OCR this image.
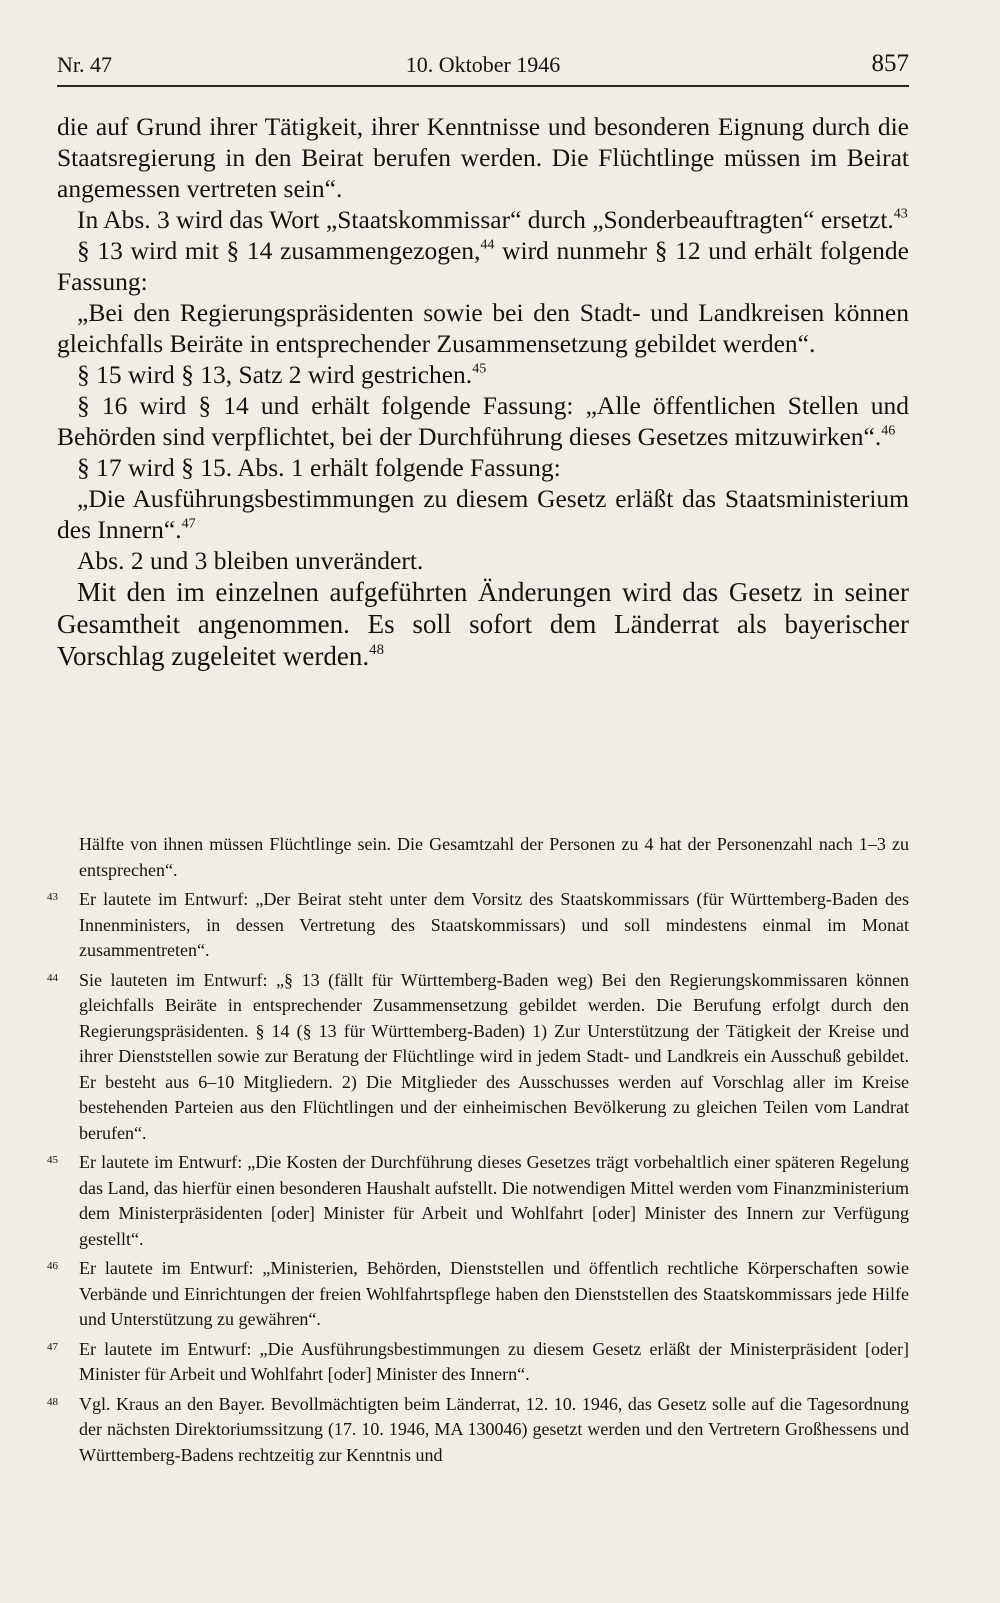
Nr. 47	10. Oktober 1946	857

die auf Grund ihrer Tätigkeit, ihrer Kenntnisse und besonderen Eignung durch die Staatsregierung in den Beirat berufen werden. Die Flüchtlinge müssen im Beirat angemessen vertreten sein“.

In Abs. 3 wird das Wort „Staatskommissar“ durch „Sonderbeauftragten“ ersetzt.$^{43}$

§ 13 wird mit § 14 zusammengezogen,$^{44}$ wird nunmehr § 12 und erhält folgende Fassung:

„Bei den Regierungspräsidenten sowie bei den Stadt- und Landkreisen können gleichfalls Beiräte in entsprechender Zusammensetzung gebildet werden“.

§ 15 wird § 13, Satz 2 wird gestrichen.$^{45}$

§ 16 wird § 14 und erhält folgende Fassung: „Alle öffentlichen Stellen und Behörden sind verpflichtet, bei der Durchführung dieses Gesetzes mitzuwirken“.$^{46}$

§ 17 wird § 15. Abs. 1 erhält folgende Fassung:

„Die Ausführungsbestimmungen zu diesem Gesetz erläßt das Staatsministerium des Innern“.$^{47}$

Abs. 2 und 3 bleiben unverändert.

Mit den im einzelnen aufgeführten Änderungen wird das Gesetz in seiner Gesamtheit angenommen. Es soll sofort dem Länderrat als bayerischer Vorschlag zugeleitet werden.$^{48}$

Hälfte von ihnen müssen Flüchtlinge sein. Die Gesamtzahl der Personen zu 4 hat der Personenzahl nach 1–3 zu entsprechen“.
43 Er lautete im Entwurf: „Der Beirat steht unter dem Vorsitz des Staatskommissars (für Württemberg-Baden des Innenministers, in dessen Vertretung des Staatskommissars) und soll mindestens einmal im Monat zusammentreten“.
44 Sie lauteten im Entwurf: „§ 13 (fällt für Württemberg-Baden weg) Bei den Regierungskommissaren können gleichfalls Beiräte in entsprechender Zusammensetzung gebildet werden. Die Berufung erfolgt durch den Regierungspräsidenten. § 14 (§ 13 für Württemberg-Baden) 1) Zur Unterstützung der Tätigkeit der Kreise und ihrer Dienststellen sowie zur Beratung der Flüchtlinge wird in jedem Stadt- und Landkreis ein Ausschuß gebildet. Er besteht aus 6–10 Mitgliedern. 2) Die Mitglieder des Ausschusses werden auf Vorschlag aller im Kreise bestehenden Parteien aus den Flüchtlingen und der einheimischen Bevölkerung zu gleichen Teilen vom Landrat berufen“.
45 Er lautete im Entwurf: „Die Kosten der Durchführung dieses Gesetzes trägt vorbehaltlich einer späteren Regelung das Land, das hierfür einen besonderen Haushalt aufstellt. Die notwendigen Mittel werden vom Finanzministerium dem Ministerpräsidenten [oder] Minister für Arbeit und Wohlfahrt [oder] Minister des Innern zur Verfügung gestellt“.
46 Er lautete im Entwurf: „Ministerien, Behörden, Dienststellen und öffentlich rechtliche Körperschaften sowie Verbände und Einrichtungen der freien Wohlfahrtspflege haben den Dienststellen des Staatskommissars jede Hilfe und Unterstützung zu gewähren“.
47 Er lautete im Entwurf: „Die Ausführungsbestimmungen zu diesem Gesetz erläßt der Ministerpräsident [oder] Minister für Arbeit und Wohlfahrt [oder] Minister des Innern“.
48 Vgl. Kraus an den Bayer. Bevollmächtigten beim Länderrat, 12. 10. 1946, das Gesetz solle auf die Tagesordnung der nächsten Direktoriumssitzung (17. 10. 1946, MA 130046) gesetzt werden und den Vertretern Großhessens und Württemberg-Badens rechtzeitig zur Kenntnis und
